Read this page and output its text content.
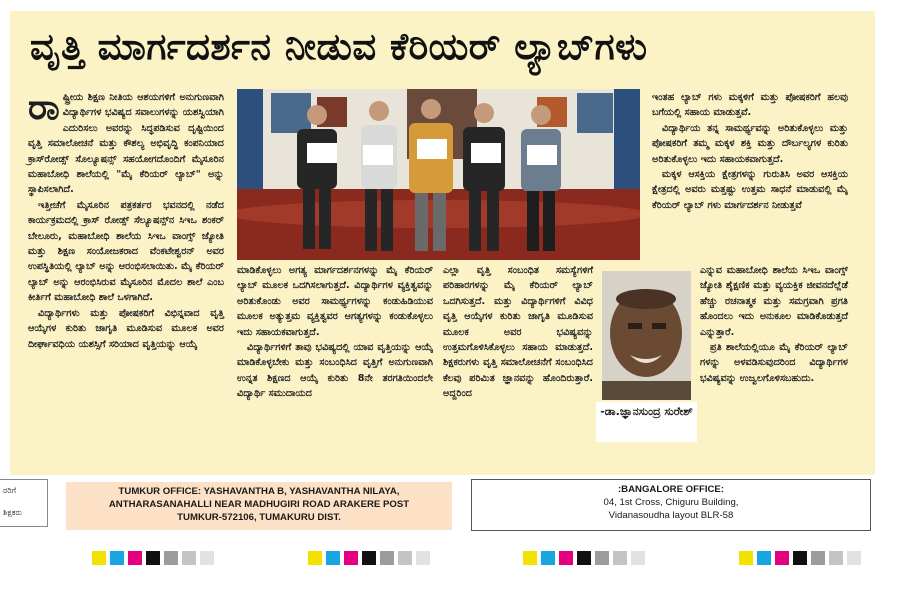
ವೃತ್ತಿ ಮಾರ್ಗದರ್ಶನ ನೀಡುವ ಕೆರಿಯರ್ ಲ್ಯಾಬ್‌ಗಳು

ರಾಷ್ಟ್ರೀಯ ಶಿಕ್ಷಣ ನೀತಿಯ ಆಶಯಗಳಿಗೆ ಅನುಗುಣವಾಗಿ ವಿದ್ಯಾರ್ಥಿಗಳ ಭವಿಷ್ಯದ ಸವಾಲುಗಳನ್ನು ಯಶಸ್ವಿಯಾಗಿ ಎದುರಿಸಲು ಅವರನ್ನು ಸಿದ್ಧಪಡಿಸುವ ದೃಷ್ಟಿಯಿಂದ ವೃತ್ತಿ ಸಮಾಲೋಚನೆ ಮತ್ತು ಕೌಶಲ್ಯ ಅಭಿವೃದ್ಧಿ ಕಂಪನಿಯಾದ ಕ್ರಾಸ್‌ರೋಡ್ಸ್ ಸೊಲ್ಯೂಷನ್ಸ್ ಸಹಯೋಗದೊಂದಿಗೆ ಮೈಸೂರಿನ ಮಹಾಬೋಧಿ ಶಾಲೆಯಲ್ಲಿ "ಮೈ ಕೆರಿಯರ್ ಲ್ಯಾಬ್" ಅನ್ನು ಸ್ಥಾಪಿಸಲಾಗಿದೆ.

ಇತ್ತೀಚೆಗೆ ಮೈಸೂರಿನ ಪತ್ರಕರ್ತರ ಭವನದಲ್ಲಿ ನಡೆದ ಕಾರ್ಯಕ್ರಮದಲ್ಲಿ ಕ್ರಾಸ್ ರೋಡ್ಸ್ ಸೆಲ್ಯೂಷನ್ಸ್‌ನ ಸಿಇಒ ಶಂಕರ್ ಬೇಲೂರು, ಮಹಾಬೋಧಿ ಶಾಲೆಯ ಸಿಇಒ ವಾಂಗ್ಸ್ ಜ್ಯೋತಿ ಮತ್ತು ಶಿಕ್ಷಣ ಸಂಯೋಜಕರಾದ ವೆಂಕಟೇಶ್ವರನ್ ಅವರ ಉಪಸ್ಥಿತಿಯಲ್ಲಿ ಲ್ಯಾಬ್ ಅನ್ನು ಆರಂಭಿಸಲಾಯಿತು. ಮೈ ಕೆರಿಯರ್ ಲ್ಯಾಬ್ ಅನ್ನು ಆರಂಭಿಸಿರುವ ಮೈಸೂರಿನ ಮೊದಲ ಶಾಲೆ ಎಂಬ ಕೀರ್ತಿಗೆ ಮಹಾಬೋಧಿ ಶಾಲೆ ಒಳಗಾಗಿದೆ.

ವಿದ್ಯಾರ್ಥಿಗಳು ಮತ್ತು ಪೋಷಕರಿಗೆ ವಿಭಿನ್ನವಾದ ವೃತ್ತಿ ಆಯ್ಕೆಗಳ ಕುರಿತು ಜಾಗೃತಿ ಮೂಡಿಸುವ ಮೂಲಕ ಅವರ ದೀರ್ಘಾವಧಿಯ ಯಶಸ್ಸಿಗೆ ಸರಿಯಾದ ವೃತ್ತಿಯನ್ನು ಆಯ್ಕೆ

ಮಾಡಿಕೊಳ್ಳಲು ಅಗತ್ಯ ಮಾರ್ಗದರ್ಶನಗಳನ್ನು ಮೈ ಕೆರಿಯರ್ ಲ್ಯಾಬ್ ಮೂಲಕ ಒದಗಿಸಲಾಗುತ್ತದೆ. ವಿದ್ಯಾರ್ಥಿಗಳ ವ್ಯಕ್ತಿತ್ವವನ್ನು ಅರಿತುಕೊಂಡು ಅವರ ಸಾಮರ್ಥ್ಯಗಳನ್ನು ಕಂಡುಹಿಡಿಯುವ ಮೂಲಕ ಅತ್ಯುತ್ತಮ ವ್ಯಕ್ತಿತ್ವವರ ಆಗತ್ಯಗಳನ್ನು ಕಂಡುಕೊಳ್ಳಲು ಇದು ಸಹಾಯಕವಾಗುತ್ತದೆ.

ವಿದ್ಯಾರ್ಥಿಗಳಿಗೆ ತಾವು ಭವಿಷ್ಯದಲ್ಲಿ ಯಾವ ವೃತ್ತಿಯನ್ನು ಆಯ್ಕೆ ಮಾಡಿಕೊಳ್ಳಬೇಕು ಮತ್ತು ಸಂಬಂಧಿಸಿದ ವೃತ್ತಿಗೆ ಅನುಗುಣವಾಗಿ ಉನ್ನತ ಶಿಕ್ಷಣದ ಆಯ್ಕೆ ಕುರಿತು 8ನೇ ತರಗತಿಯಿಂದಲೇ ವಿದ್ಯಾರ್ಥಿ ಸಮುದಾಯದ

ಎಲ್ಲಾ ವೃತ್ತಿ ಸಂಬಂಧಿತ ಸಮಸ್ಯೆಗಳಿಗೆ ಪರಿಹಾರಗಳನ್ನು ಮೈ ಕೆರಿಯರ್ ಲ್ಯಾಬ್ ಒದಗಿಸುತ್ತದೆ. ಮತ್ತು ವಿದ್ಯಾರ್ಥಿಗಳಿಗೆ ವಿವಿಧ ವೃತ್ತಿ ಆಯ್ಕೆಗಳ ಕುರಿತು ಜಾಗೃತಿ ಮೂಡಿಸುವ ಮೂಲಕ ಅವರ ಭವಿಷ್ಯವನ್ನು ಉತ್ತಮಗೊಳಿಸಿಕೊಳ್ಳಲು ಸಹಾಯ ಮಾಡುತ್ತದೆ. ಶಿಕ್ಷಕರುಗಳು ವೃತ್ತಿ ಸಮಾಲೋಚನೆಗೆ ಸಂಬಂಧಿಸಿದ ಕೆಲವು ಪರಿಮಿತ ಜ್ಞಾನವನ್ನು ಹೊಂದಿರುತ್ತಾರೆ. ಅದ್ದರಿಂದ

ಇಂತಹ ಲ್ಯಾಬ್ ಗಳು ಮಕ್ಕಳಿಗೆ ಮತ್ತು ಪೋಷಕರಿಗೆ ಹಲವು ಬಗೆಯಲ್ಲಿ ಸಹಾಯ ಮಾಡುತ್ತವೆ.

ವಿದ್ಯಾರ್ಥಿಯ ತನ್ನ ಸಾಮರ್ಥ್ಯವನ್ನು ಅರಿತುಕೊಳ್ಳಲು ಮತ್ತು ಪೋಷಕರಿಗೆ ತಮ್ಮ ಮಕ್ಕಳ ಶಕ್ತಿ ಮತ್ತು ದೌರ್ಬಲ್ಯಗಳ ಕುರಿತು ಅರಿತುಕೊಳ್ಳಲು ಇದು ಸಹಾಯಕವಾಗುತ್ತದೆ.

ಮಕ್ಕಳ ಆಸಕ್ತಿಯ ಕ್ಷೇತ್ರಗಳನ್ನು ಗುರುತಿಸಿ ಅವರ ಆಸಕ್ತಿಯ ಕ್ಷೇತ್ರದಲ್ಲಿ ಅವರು ಮತ್ತಷ್ಟು ಉತ್ತಮ ಸಾಧನೆ ಮಾಡುವಲ್ಲಿ ಮೈ ಕೆರಿಯರ್ ಲ್ಯಾಬ್ ಗಳು ಮಾರ್ಗದರ್ಶನ ನೀಡುತ್ತವೆ

-ಡಾ.ಜ್ಞಾನಸುಂದ್ರ ಸುರೇಶ್

ಎನ್ನುವ ಮಹಾಬೋಧಿ ಶಾಲೆಯ ಸಿಇಒ ವಾಂಗ್ಸ್ ಜ್ಯೋತಿ ಶೈಕ್ಷಣಿಕ ಮತ್ತು ವ್ಯಯಕ್ತಿಕ ಜೀವನದೆಲ್ಲೆಡೆ ಹೆಚ್ಚು ರಚನಾತ್ಮಕ ಮತ್ತು ಸಮಗ್ರವಾಗಿ ಪ್ರಗತಿ ಹೊಂದಲು ಇದು ಅನುಕೂಲ ಮಾಡಿಕೊಡುತ್ತದೆ ಎನ್ನುತ್ತಾರೆ.

ಪ್ರತಿ ಶಾಲೆಯಲ್ಲಿಯೂ ಮೈ ಕೆರಿಯರ್ ಲ್ಯಾಬ್ ಗಳನ್ನು ಅಳವಡಿಸುವುದರಿಂದ ವಿದ್ಯಾರ್ಥಿಗಳ ಭವಿಷ್ಯವನ್ನು ಉಜ್ವಲಗೊಳಿಸಬಹುದು.

ರರಿಗೆ
ಶಿಕ್ಷಕರು
TUMKUR OFFICE: YASHAVANTHA B, YASHAVANTHA NILAYA,
ANTHARASANAHALLI NEAR MADHUGIRI ROAD ARAKERE POST
TUMKUR-572106, TUMAKURU DIST.
:BANGALORE OFFICE:
04, 1st Cross, Chiguru Building,
Vidanasoudha layout BLR-58
